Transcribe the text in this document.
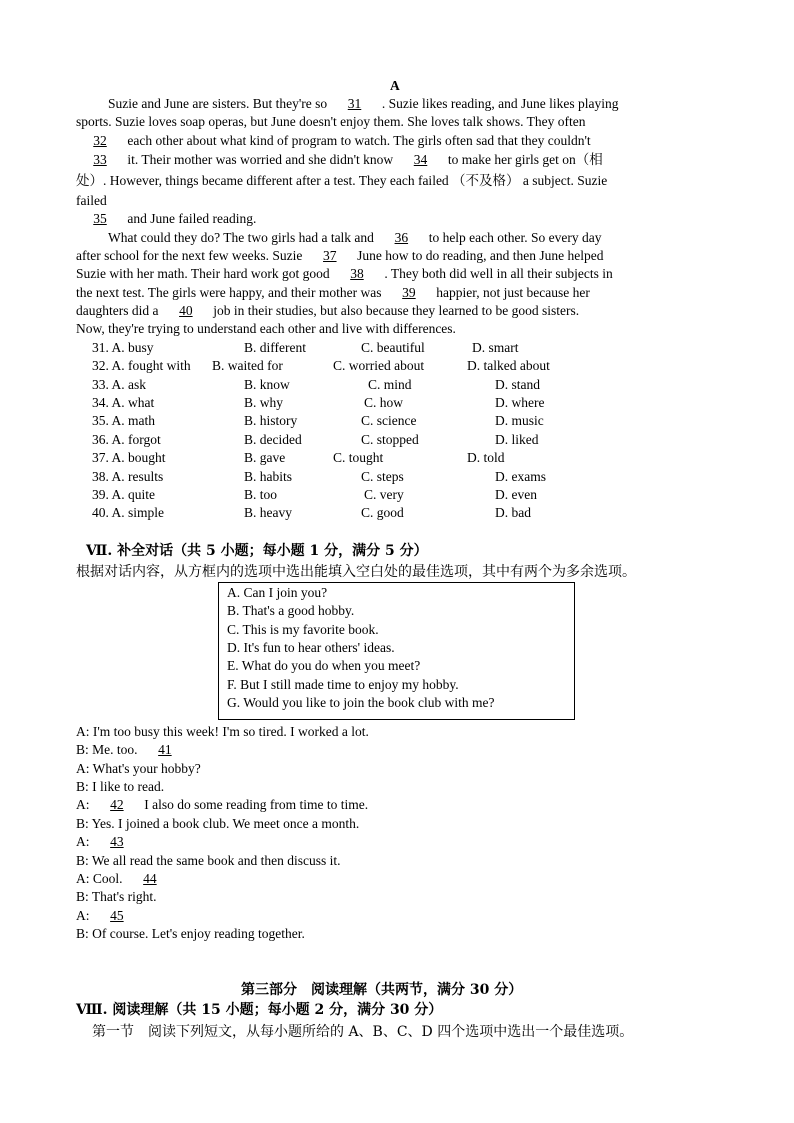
A
Suzie and June are sisters. But they're so 31 . Suzie likes reading, and June likes playing
sports. Suzie loves soap operas, but June doesn't enjoy them. She loves talk shows. They often
32 each other about what kind of program to watch. The girls often sad that they couldn't
33 it. Their mother was worried and she didn't know 34 to make her girls get on（相
处）. However, things became different after a test. They each failed （不及格） a subject. Suzie
failed
35 and June failed reading.
What could they do? The two girls had a talk and 36 to help each other. So every day
after school for the next few weeks. Suzie 37 June how to do reading, and then June helped
Suzie with her math. Their hard work got good 38 . They both did well in all their subjects in
the next test. The girls were happy, and their mother was 39 happier, not just because her
daughters did a 40 job in their studies, but also because they learned to be good sisters.
Now, they're trying to understand each other and live with differences.
31. A. busy	B. different	C. beautiful	D. smart
32. A. fought with B. waited for	C. worried about	D. talked about
33. A. ask	B. know	C. mind	D. stand
34. A. what	B. why	C. how	D. where
35. A. math	B. history	C. science	D. music
36. A. forgot	B. decided	C. stopped	D. liked
37. A. bought	B. gave	C. tought	D. told
38. A. results	B. habits	C. steps	D. exams
39. A. quite	B. too	C. very	D. even
40. A. simple	B. heavy	C. good	D. bad
Ⅶ. 补全对话（共 5 小题；每小题 1 分，满分 5 分）
根据对话内容，从方框内的选项中选出能填入空白处的最佳选项，其中有两个为多余选项。
A. Can I join you?
B. That's a good hobby.
C. This is my favorite book.
D. It's fun to hear others' ideas.
E. What do you do when you meet?
F. But I still made time to enjoy my hobby.
G. Would you like to join the book club with me?
A: I'm too busy this week! I'm so tired. I worked a lot.
B: Me. too. 41
A: What's your hobby?
B: I like to read.
A: 42 I also do some reading from time to time.
B: Yes. I joined a book club. We meet once a month.
A: 43
B: We all read the same book and then discuss it.
A: Cool. 44
B: That's right.
A: 45
B: Of course. Let's enjoy reading together.
第三部分　阅读理解（共两节，满分 30 分）
Ⅷ. 阅读理解（共 15 小题；每小题 2 分，满分 30 分）
第一节　阅读下列短文，从每小题所给的 A、B、C、D 四个选项中选出一个最佳选项。
